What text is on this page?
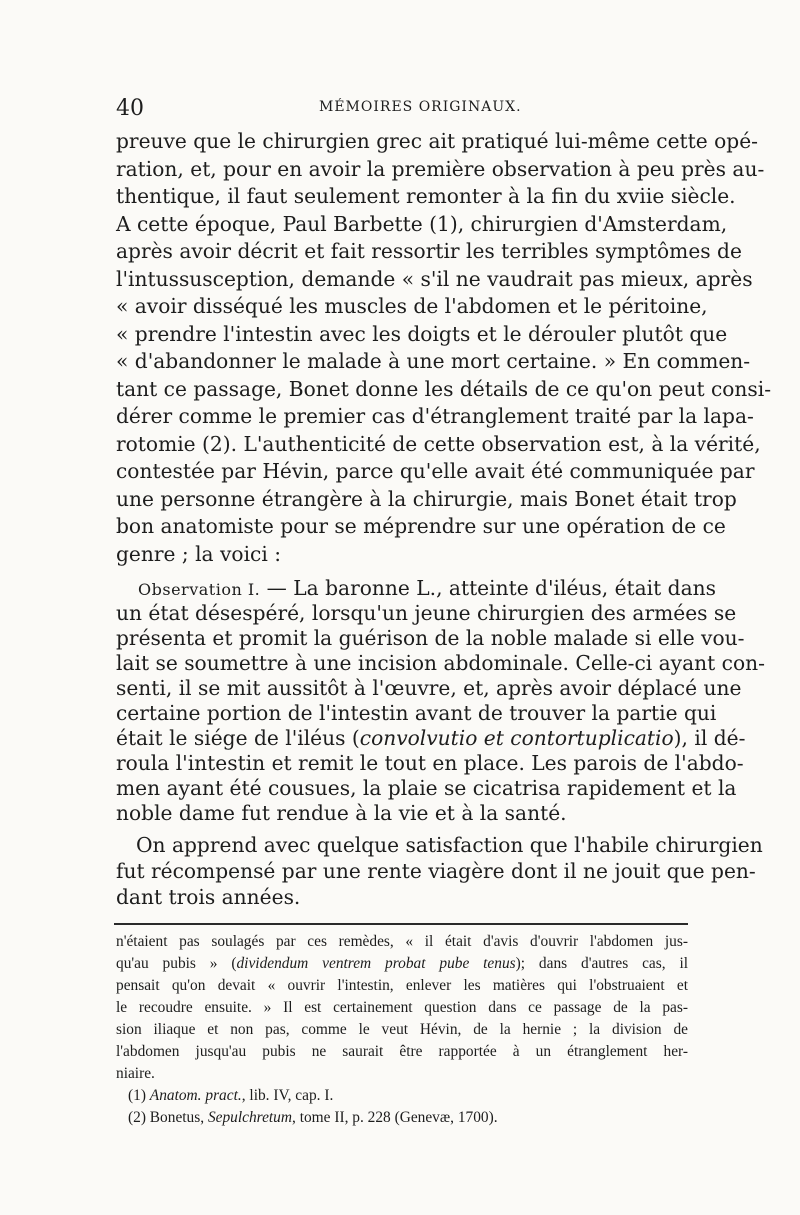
40	MÉMOIRES ORIGINAUX.
preuve que le chirurgien grec ait pratiqué lui-même cette opé-
ration, et, pour en avoir la première observation à peu près au-
thentique, il faut seulement remonter à la fin du xviie siècle.
A cette époque, Paul Barbette (1), chirurgien d'Amsterdam,
après avoir décrit et fait ressortir les terribles symptômes de
l'intussusception, demande « s'il ne vaudrait pas mieux, après
« avoir disséqué les muscles de l'abdomen et le péritoine,
« prendre l'intestin avec les doigts et le dérouler plutôt que
« d'abandonner le malade à une mort certaine. » En commen-
tant ce passage, Bonet donne les détails de ce qu'on peut consi-
dérer comme le premier cas d'étranglement traité par la lapa-
rotomie (2). L'authenticité de cette observation est, à la vérité,
contestée par Hévin, parce qu'elle avait été communiquée par
une personne étrangère à la chirurgie, mais Bonet était trop
bon anatomiste pour se méprendre sur une opération de ce
genre ; la voici :
Observation I. — La baronne L., atteinte d'iléus, était dans
un état désespéré, lorsqu'un jeune chirurgien des armées se
présenta et promit la guérison de la noble malade si elle vou-
lait se soumettre à une incision abdominale. Celle-ci ayant con-
senti, il se mit aussitôt à l'œuvre, et, après avoir déplacé une
certaine portion de l'intestin avant de trouver la partie qui
était le siége de l'iléus (convolvutio et contortuplicatio), il dé-
roula l'intestin et remit le tout en place. Les parois de l'abdo-
men ayant été cousues, la plaie se cicatrisa rapidement et la
noble dame fut rendue à la vie et à la santé.
On apprend avec quelque satisfaction que l'habile chirurgien
fut récompensé par une rente viagère dont il ne jouit que pen-
dant trois années.
n'étaient pas soulagés par ces remèdes, « il était d'avis d'ouvrir l'abdomen jus-
qu'au pubis » (dividendum ventrem probat pube tenus); dans d'autres cas, il
pensait qu'on devait « ouvrir l'intestin, enlever les matières qui l'obstruaient et
le recoudre ensuite. » Il est certainement question dans ce passage de la pas-
sion iliaque et non pas, comme le veut Hévin, de la hernie ; la division de
l'abdomen jusqu'au pubis ne saurait être rapportée à un étranglement her-
niaire.
(1) Anatom. pract., lib. IV, cap. I.
(2) Bonetus, Sepulchretum, tome II, p. 228 (Genevæ, 1700).
